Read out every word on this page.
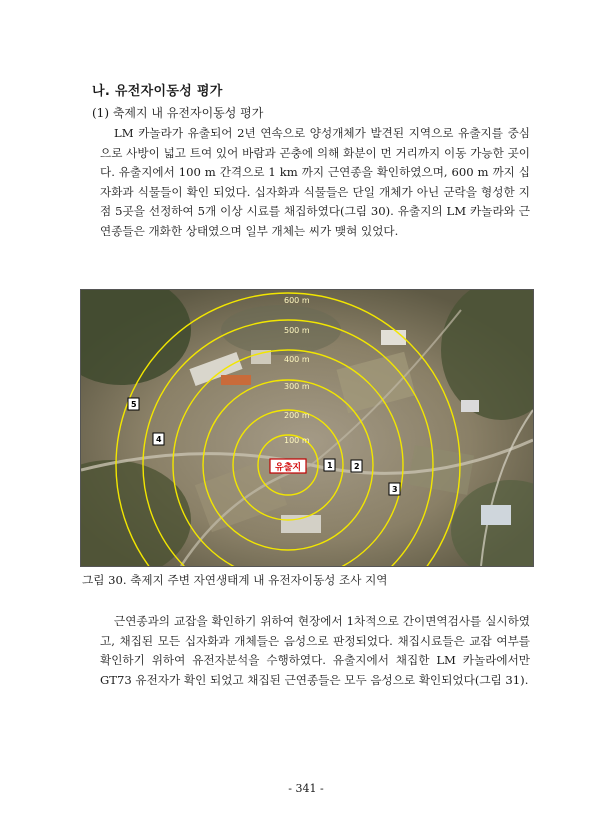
나. 유전자이동성 평가
(1) 축제지 내 유전자이동성 평가

LM 카놀라가 유출되어 2년 연속으로 양성개체가 발견된 지역으로 유출지를 중심으로 사방이 넓고 트여 있어 바람과 곤충에 의해 화분이 먼 거리까지 이동 가능한 곳이다. 유출지에서 100 m 간격으로 1 km 까지 근연종을 확인하였으며, 600 m 까지 십자화과 식물들이 확인 되었다. 십자화과 식물들은 단일 개체가 아닌 군락을 형성한 지점 5곳을 선정하여 5개 이상 시료를 채집하였다(그림 30). 유출지의 LM 카놀라와 근연종들은 개화한 상태였으며 일부 개체는 씨가 맺혀 있었다.

100 m
200 m
300 m
400 m
500 m
600 m
유출지	1	2
3
4
5
그림 30. 축제지 주변 자연생태계 내 유전자이동성 조사 지역

근연종과의 교잡을 확인하기 위하여 현장에서 1차적으로 간이면역검사를 실시하였고, 채집된 모든 십자화과 개체들은 음성으로 판정되었다. 채집시료들은 교잡 여부를 확인하기 위하여 유전자분석을 수행하였다. 유출지에서 채집한 LM 카놀라에서만 GT73 유전자가 확인 되었고 채집된 근연종들은 모두 음성으로 확인되었다(그림 31).

- 341 -
